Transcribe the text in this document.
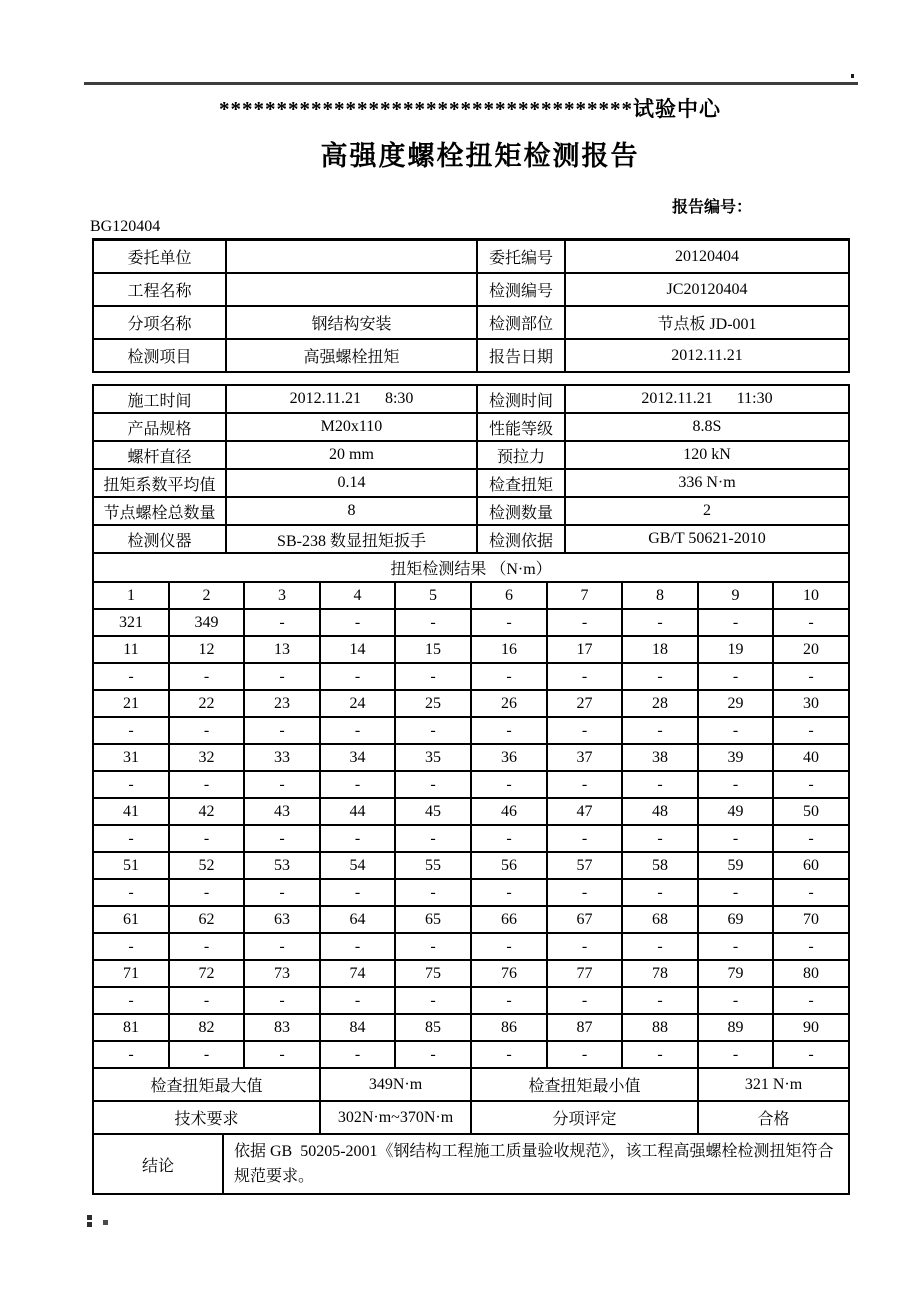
************************************试验中心
高强度螺栓扭矩检测报告
报告编号：
BG120404
委托单位		委托编号	20120404
工程名称		检测编号	JC20120404
分项名称	钢结构安装	检测部位	节点板 JD-001
检测项目	高强螺栓扭矩	报告日期	2012.11.21
施工时间	2012.11.21      8:30	检测时间	2012.11.21      11:30
产品规格	M20x110	性能等级	8.8S
螺杆直径	20 mm	预拉力	120 kN
扭矩系数平均值	0.14	检查扭矩	336 N·m
节点螺栓总数量	8	检测数量	2
检测仪器	SB-238 数显扭矩扳手	检测依据	GB/T 50621-2010
扭矩检测结果 （N·m）									
1	2	3	4	5	6	7	8	9	10
321	349	-	-	-	-	-	-	-	-
11	12	13	14	15	16	17	18	19	20
-	-	-	-	-	-	-	-	-	-
21	22	23	24	25	26	27	28	29	30
-	-	-	-	-	-	-	-	-	-
31	32	33	34	35	36	37	38	39	40
-	-	-	-	-	-	-	-	-	-
41	42	43	44	45	46	47	48	49	50
-	-	-	-	-	-	-	-	-	-
51	52	53	54	55	56	57	58	59	60
-	-	-	-	-	-	-	-	-	-
61	62	63	64	65	66	67	68	69	70
-	-	-	-	-	-	-	-	-	-
71	72	73	74	75	76	77	78	79	80
-	-	-	-	-	-	-	-	-	-
81	82	83	84	85	86	87	88	89	90
-	-	-	-	-	-	-	-	-	-
检查扭矩最大值			349N·m		检查扭矩最小值			321 N·m	
技术要求			302N·m~370N·m		分项评定			合格	
结论	依据 GB  50205-2001《钢结构工程施工质量验收规范》，该工程高强螺栓检测扭矩符合规范要求。
